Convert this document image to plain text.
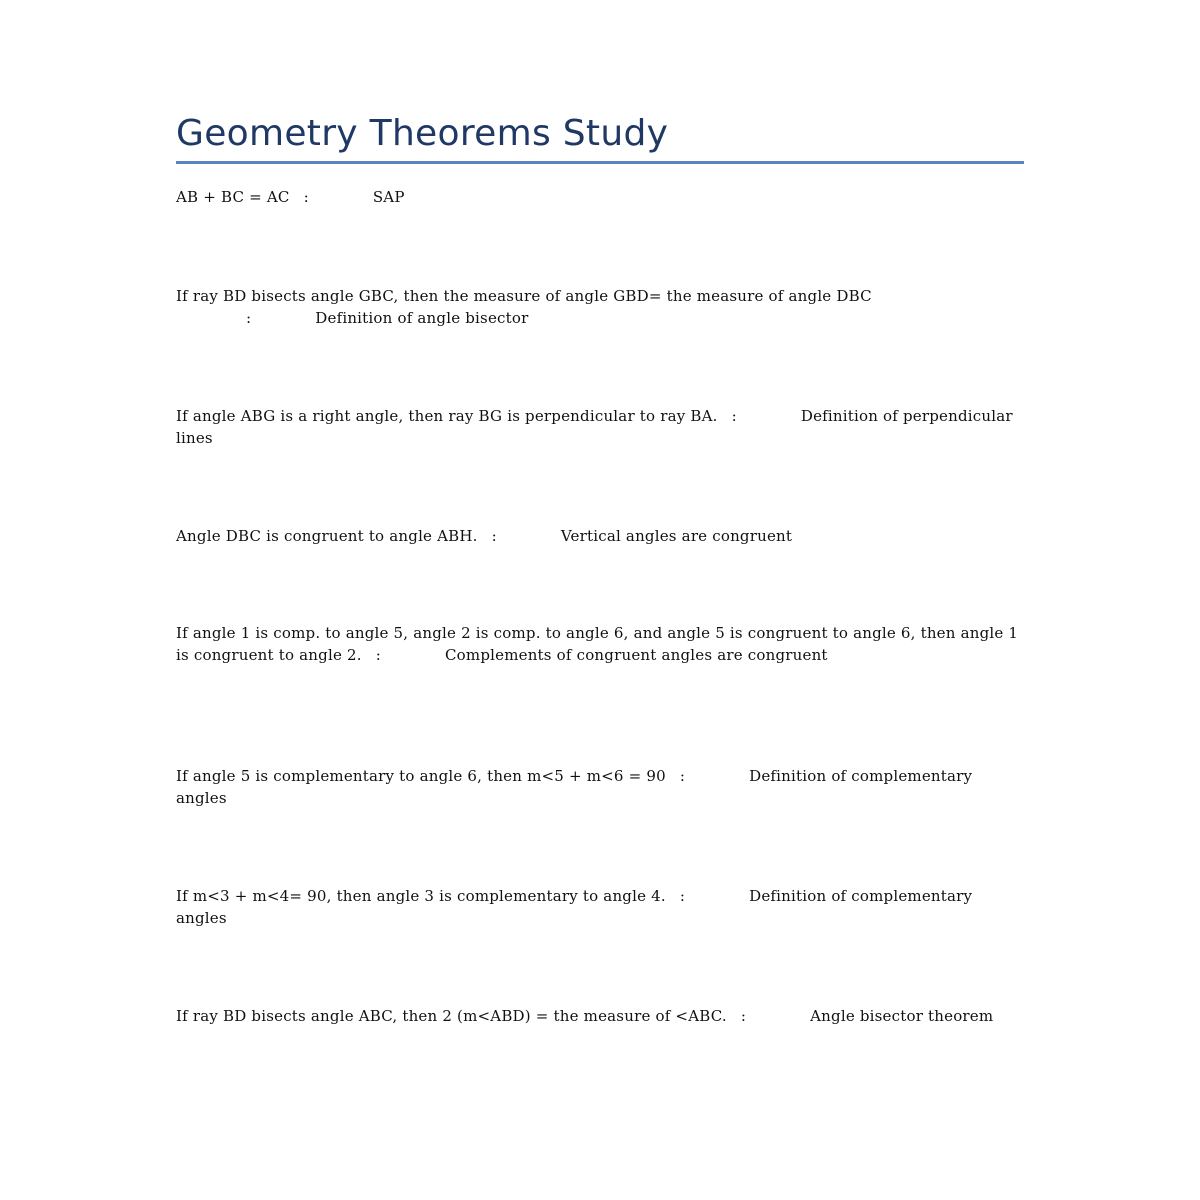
Geometry Theorems Study

AB + BC = AC :	SAP

If ray BD bisects angle GBC, then the measure of angle GBD= the measure of angle DBC
:	Definition of angle bisector

If angle ABG is a right angle, then ray BG is perpendicular to ray BA. :	Definition of perpendicular lines

Angle DBC is congruent to angle ABH. :	Vertical angles are congruent

If angle 1 is comp. to angle 5, angle 2 is comp. to angle 6, and angle 5 is congruent to angle 6, then angle 1 is congruent to angle 2. :	Complements of congruent angles are congruent

If angle 5 is complementary to angle 6, then m<5 + m<6 = 90 :	Definition of complementary angles

If m<3 + m<4= 90, then angle 3 is complementary to angle 4. :	Definition of complementary angles

If ray BD bisects angle ABC, then 2 (m<ABD) = the measure of <ABC. :	Angle bisector theorem
